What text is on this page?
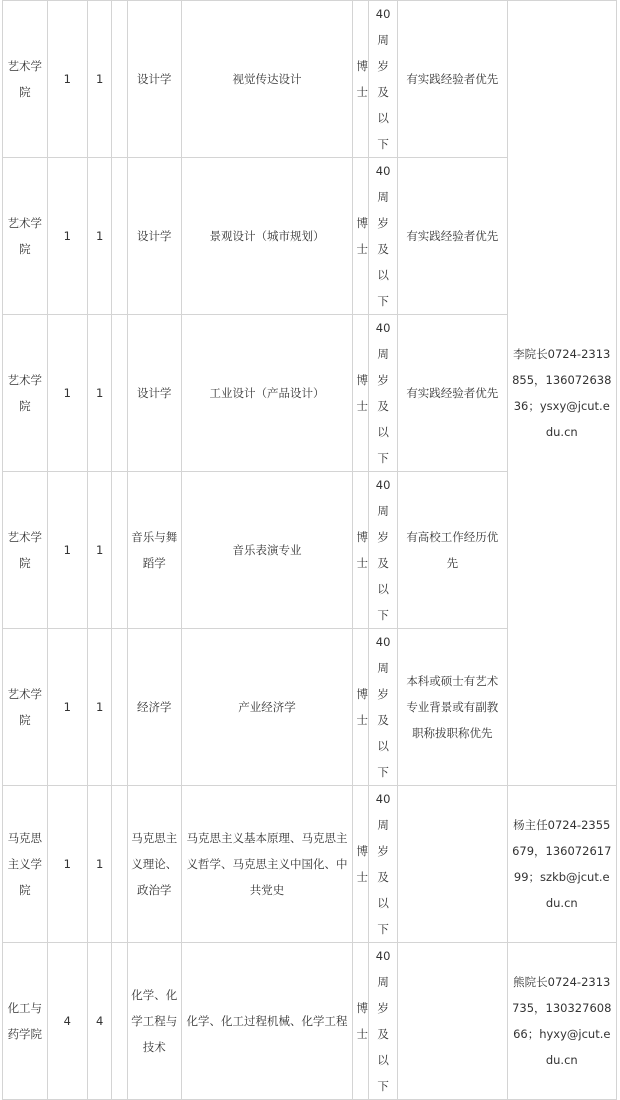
艺术学院	1	1		设计学	视觉传达设计	博士	40周岁及以下	有实践经验者优先	李院长0724-2313855，13607263836；ysxy@jcut.edu.cn
艺术学院	1	1		设计学	景观设计（城市规划）	博士	40周岁及以下	有实践经验者优先	
艺术学院	1	1		设计学	工业设计（产品设计）	博士	40周岁及以下	有实践经验者优先	
艺术学院	1	1		音乐与舞蹈学	音乐表演专业	博士	40周岁及以下	有高校工作经历优先	
艺术学院	1	1		经济学	产业经济学	博士	40周岁及以下	本科或硕士有艺术专业背景或有副教职称拔职称优先	
马克思主义学院	1	1		马克思主义理论、政治学	马克思主义基本原理、马克思主义哲学、马克思主义中国化、中共党史	博士	40周岁及以下		杨主任0724-2355679，13607261799；szkb@jcut.edu.cn
化工与药学院	4	4		化学、化学工程与技术	化学、化工过程机械、化学工程	博士	40周岁及以下		熊院长0724-2313735，13032760866；hyxy@jcut.edu.cn
